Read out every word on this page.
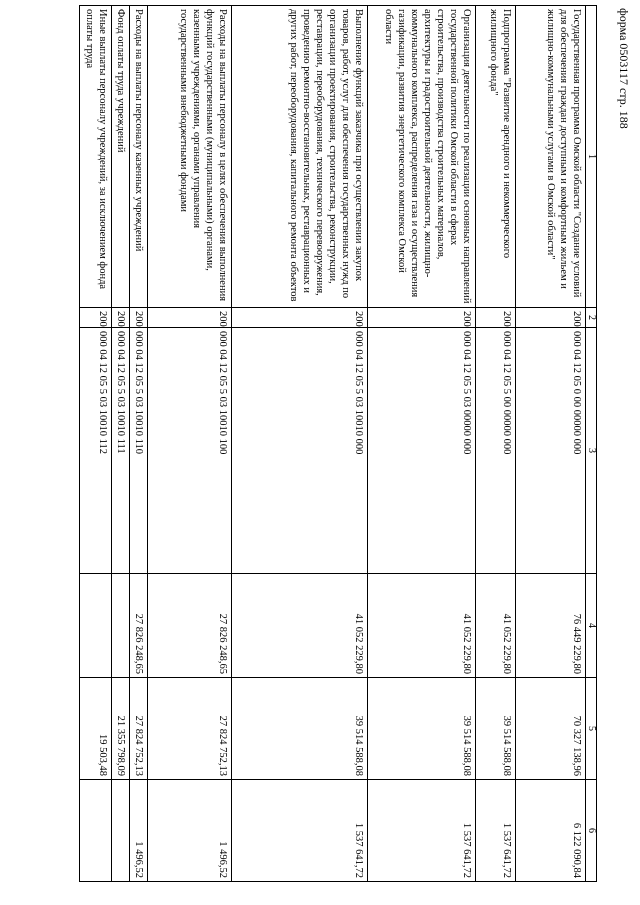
форма 0503117 стр. 188
1	2	3	4	5	6
Государственная программа Омской области "Создание условий для обеспечения граждан доступным и комфортным жильем и жилищно-коммунальными услугами в Омской области"	200	000 04 12 05 0 00 00000 000	76 449 229,80	70 327 138,96	6 122 090,84
Подпрограмма "Развитие арендного и некоммерческого жилищного фонда"	200	000 04 12 05 5 00 00000 000	41 052 229,80	39 514 588,08	1 537 641,72
Организация деятельности по реализации основных направлений государственной политики Омской области в сферах строительства, производства строительных материалов, архитектуры и градостроительной деятельности, жилищно-коммунального комплекса, распределения газа и осуществления газификации, развития энергетического комплекса Омской области	200	000 04 12 05 5 03 00000 000	41 052 229,80	39 514 588,08	1 537 641,72
Выполнение функций заказчика при осуществлении закупок товаров, работ, услуг для обеспечения государственных нужд по организации проектирования, строительства, реконструкции, реставрации, переоборудования, технического перевооружения, проведению ремонтно-восстановительных, реставрационных и других работ, переоборудования, капитального ремонта объектов	200	000 04 12 05 5 03 10010 000	41 052 229,80	39 514 588,08	1 537 641,72
Расходы на выплаты персоналу в целях обеспечения выполнения функций государственными (муниципальными) органами, казенными учреждениями, органами управления государственными внебюджетными фондами	200	000 04 12 05 5 03 10010 100	27 826 248,65	27 824 752,13	1 496,52
Расходы на выплаты персоналу казенных учреждений	200	000 04 12 05 5 03 10010 110	27 826 248,65	27 824 752,13	1 496,52
Фонд оплаты труда учреждений	200	000 04 12 05 5 03 10010 111		21 355 798,09	
Иные выплаты персоналу учреждений, за исключением фонда оплаты труда	200	000 04 12 05 5 03 10010 112		19 503,48	
